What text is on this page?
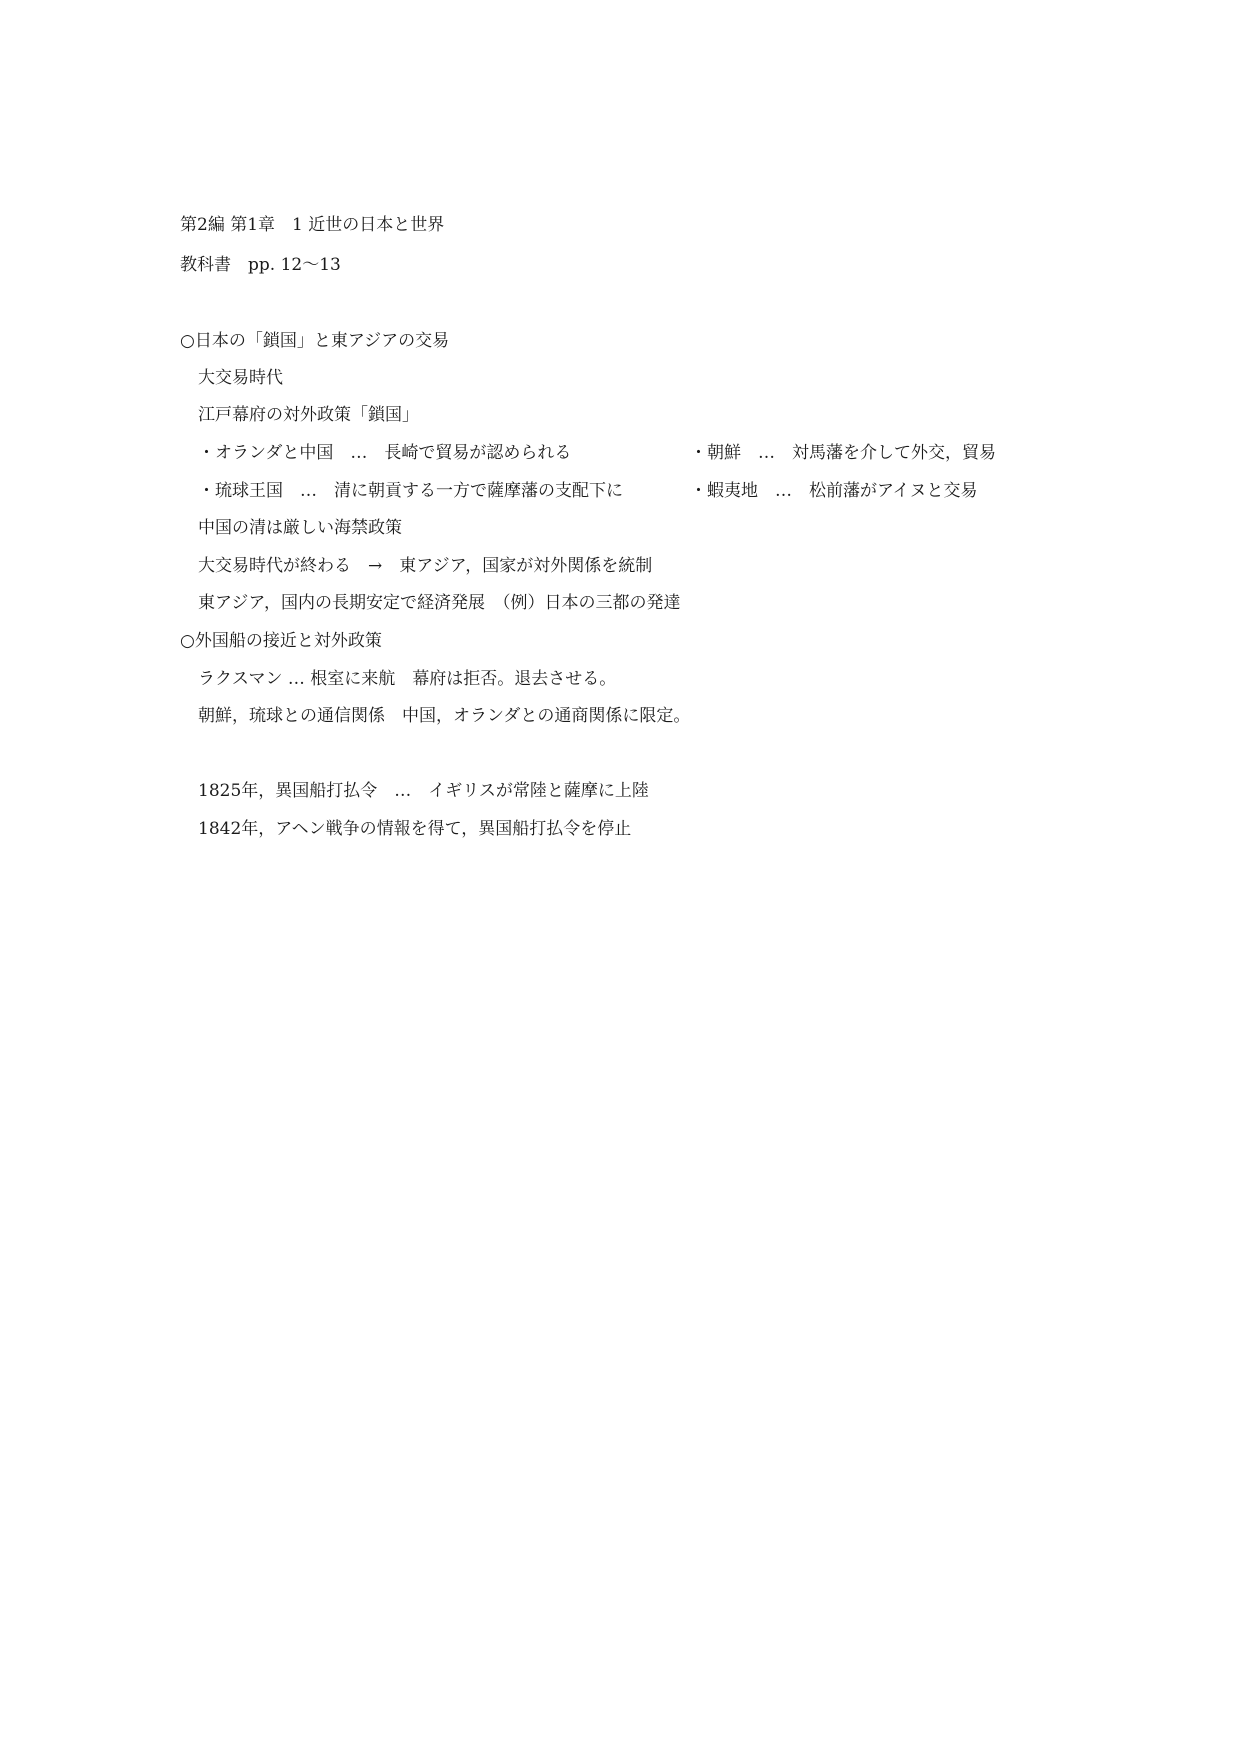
第2編 第1章　1 近世の日本と世界
教科書　pp. 12〜13
○日本の「鎖国」と東アジアの交易
大交易時代
江戸幕府の対外政策「鎖国」
・オランダと中国　…　長崎で貿易が認められる	・朝鮮　…　対馬藩を介して外交，貿易
・琉球王国　…　清に朝貢する一方で薩摩藩の支配下に	・蝦夷地　…　松前藩がアイヌと交易
中国の清は厳しい海禁政策
大交易時代が終わる　→　東アジア，国家が対外関係を統制
東アジア，国内の長期安定で経済発展　（例）日本の三都の発達
○外国船の接近と対外政策
ラクスマン … 根室に来航　幕府は拒否。退去させる。
朝鮮，琉球との通信関係　中国，オランダとの通商関係に限定。
1825年，異国船打払令　…　イギリスが常陸と薩摩に上陸
1842年，アヘン戦争の情報を得て，異国船打払令を停止
